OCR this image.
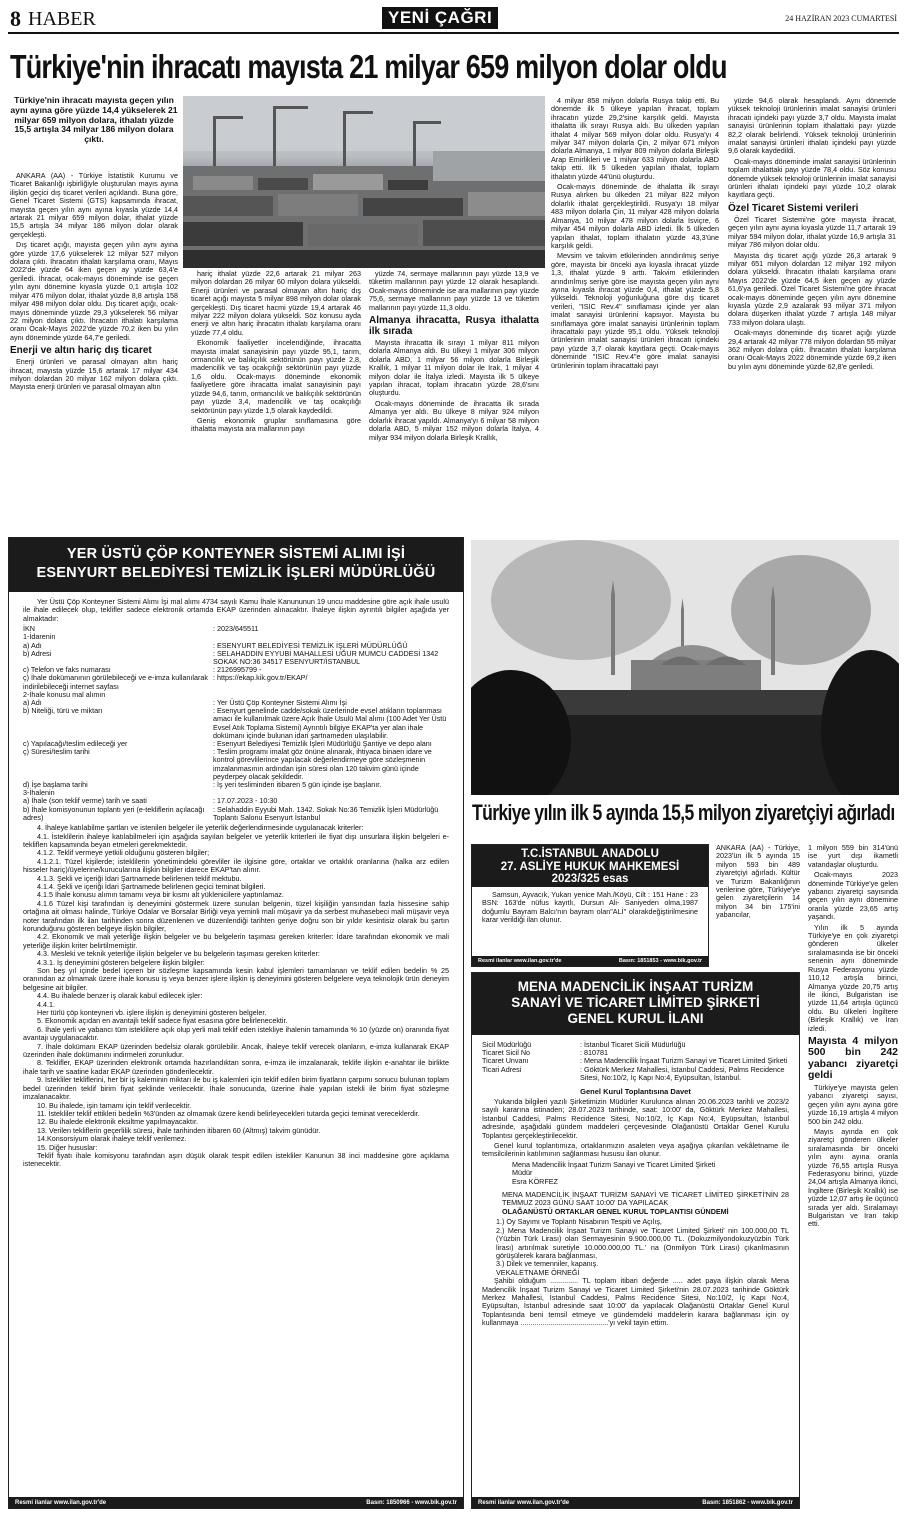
8 HABER	YENİ ÇAĞRI	24 HAZİRAN 2023 CUMARTESİ
Türkiye'nin ihracatı mayısta 21 milyar 659 milyon dolar oldu
Türkiye'nin ihracatı mayısta geçen yılın aynı ayına göre yüzde 14,4 yükselerek 21 milyar 659 milyon dolara, ithalatı yüzde 15,5 artışla 34 milyar 186 milyon dolara çıktı.

ANKARA (AA) - Türkiye İstatistik Kurumu ve Ticaret Bakanlığı işbirliğiyle oluşturulan mayıs ayına ilişkin geçici dış ticaret verileri açıklandı. Buna göre, Genel Ticaret Sistemi (GTS) kapsamında ihracat, mayısta geçen yılın aynı ayına kıyasla yüzde 14,4 artarak 21 milyar 659 milyon dolar, ithalat yüzde 15,5 artışla 34 milyar 186 milyon dolar olarak gerçekleşti.

Dış ticaret açığı, mayısta geçen yılın aynı ayına göre yüzde 17,6 yükselerek 12 milyar 527 milyon dolara çıktı. İhracatın ithalatı karşılama oranı, Mayıs 2022'de yüzde 64 iken geçen ay yüzde 63,4'e geriledi. İhracat, ocak-mayıs döneminde ise geçen yılın aynı dönemine kıyasla yüzde 0,1 artışla 102 milyar 476 milyon dolar, ithalat yüzde 8,8 artışla 158 milyar 498 milyon dolar oldu. Dış ticaret açığı, ocak-mayıs döneminde yüzde 29,3 yükselerek 56 milyar 22 milyon dolara çıktı. İhracatın ithalatı karşılama oranı Ocak-Mayıs 2022'de yüzde 70,2 iken bu yılın aynı döneminde yüzde 64,7'e geriledi.

Enerji ve altın hariç dış ticaret

Enerji ürünleri ve parasal olmayan altın hariç ihracat, mayısta yüzde 15,6 artarak 17 milyar 434 milyon dolardan 20 milyar 162 milyon dolara çıktı. Mayısta enerji ürünleri ve parasal olmayan altın

hariç ithalat yüzde 22,6 artarak 21 milyar 263 milyon dolardan 26 milyar 60 milyon dolara yükseldi. Enerji ürünleri ve parasal olmayan altın hariç dış ticaret açığı mayısta 5 milyar 898 milyon dolar olarak gerçekleşti. Dış ticaret hacmi yüzde 19,4 artarak 46 milyar 222 milyon dolara yükseldi. Söz konusu ayda enerji ve altın hariç ihracatın ithalatı karşılama oranı yüzde 77,4 oldu.

Ekonomik faaliyetler incelendiğinde, ihracatta mayısta imalat sanayisinin payı yüzde 95,1, tarım, ormancılık ve balıkçılık sektörünün payı yüzde 2,8, madencilik ve taş ocakçılığı sektörünün payı yüzde 1,6 oldu. Ocak-mayıs döneminde ekonomik faaliyetlere göre ihracatta imalat sanayisinin payı yüzde 94,6, tarım, ormancılık ve balıkçılık sektörünün payı yüzde 3,4, madencilik ve taş ocakçılığı sektörünün payı yüzde 1,5 olarak kaydedildi.

Geniş ekonomik gruplar sınıflamasına göre ithalatta mayısta ara mallarının payı

yüzde 74, sermaye mallarının payı yüzde 13,9 ve tüketim mallarının payı yüzde 12 olarak hesaplandı. Ocak-mayıs döneminde ise ara mallarının payı yüzde 75,6, sermaye mallarının payı yüzde 13 ve tüketim mallarının payı yüzde 11,3 oldu.

Almanya ihracatta, Rusya ithalatta ilk sırada

Mayısta ihracatta ilk sırayı 1 milyar 811 milyon dolarla Almanya aldı. Bu ülkeyi 1 milyar 306 milyon dolarla ABD, 1 milyar 56 milyon dolarla Birleşik Krallık, 1 milyar 11 milyon dolar ile Irak, 1 milyar 4 milyon dolar ile İtalya izledi. Mayısta ilk 5 ülkeye yapılan ihracat, toplam ihracatın yüzde 28,6'sını oluşturdu.

Ocak-mayıs döneminde de ihracatta ilk sırada Almanya yer aldı. Bu ülkeye 8 milyar 924 milyon dolarlık ihracat yapıldı. Almanya'yı 6 milyar 58 milyon dolarla ABD, 5 milyar 152 milyon dolarla İtalya, 4 milyar 934 milyon dolarla Birleşik Krallık,

4 milyar 858 milyon dolarla Rusya takip etti. Bu dönemde ilk 5 ülkeye yapılan ihracat, toplam ihracatın yüzde 29,2'sine karşılık geldi. Mayısta ithalatta ilk sırayı Rusya aldı. Bu ülkeden yapılan ithalat 4 milyar 569 milyon dolar oldu. Rusya'yı 4 milyar 347 milyon dolarla Çin, 2 milyar 671 milyon dolarla Almanya, 1 milyar 809 milyon dolarla Birleşik Arap Emirlikleri ve 1 milyar 633 milyon dolarla ABD takip etti. İlk 5 ülkeden yapılan ithalat, toplam ithalatın yüzde 44'ünü oluşturdu.

Ocak-mayıs döneminde de ithalatta ilk sırayı Rusya alırken bu ülkeden 21 milyar 822 milyon dolarlık ithalat gerçekleştirildi. Rusya'yı 18 milyar 483 milyon dolarla Çin, 11 milyar 428 milyon dolarla Almanya, 10 milyar 478 milyon dolarla İsviçre, 6 milyar 454 milyon dolarla ABD izledi. İlk 5 ülkeden yapılan ithalat, toplam ithalatın yüzde 43,3'üne karşılık geldi.

Mevsim ve takvim etkilerinden arındırılmış seriye göre, mayısta bir önceki aya kıyasla ihracat yüzde 1,3, ithalat yüzde 9 arttı. Takvim etkilerinden arındırılmış seriye göre ise mayısta geçen yılın aynı ayına kıyasla ihracat yüzde 0,4, ithalat yüzde 5,8 yükseldi. Teknoloji yoğunluğuna göre dış ticaret verileri, "ISIC Rev.4" sınıflaması içinde yer alan imalat sanayisi ürünlerini kapsıyor. Mayısta bu sınıflamaya göre imalat sanayisi ürünlerinin toplam ihracattaki payı yüzde 95,1 oldu. Yüksek teknoloji ürünlerinin imalat sanayisi ürünleri ihracatı içindeki payı yüzde 3,7 olarak kayıtlara geçti. Ocak-mayıs döneminde "ISIC Rev.4"e göre imalat sanayisi ürünlerinin toplam ihracattaki payı

yüzde 94,6 olarak hesaplandı. Aynı dönemde yüksek teknoloji ürünlerinin imalat sanayisi ürünleri ihracatı içindeki payı yüzde 3,7 oldu. Mayısta imalat sanayisi ürünlerinin toplam ithalattaki payı yüzde 82,2 olarak belirlendi. Yüksek teknoloji ürünlerinin imalat sanayisi ürünleri ithalatı içindeki payı yüzde 9,6 olarak kaydedildi.

Ocak-mayıs döneminde imalat sanayisi ürünlerinin toplam ithalattaki payı yüzde 78,4 oldu. Söz konusu dönemde yüksek teknoloji ürünlerinin imalat sanayisi ürünleri ithalatı içindeki payı yüzde 10,2 olarak kayıtlara geçti.

Özel Ticaret Sistemi verileri

Özel Ticaret Sistemi'ne göre mayısta ihracat, geçen yılın aynı ayına kıyasla yüzde 11,7 artarak 19 milyar 594 milyon dolar, ithalat yüzde 16,9 artışla 31 milyar 786 milyon dolar oldu.

Mayısta dış ticaret açığı yüzde 26,3 artarak 9 milyar 651 milyon dolardan 12 milyar 192 milyon dolara yükseldi. İhracatın ithalatı karşılama oranı Mayıs 2022'de yüzde 64,5 iken geçen ay yüzde 61,6'ya geriledi. Özel Ticaret Sistemi'ne göre ihracat ocak-mayıs döneminde geçen yılın aynı dönemine kıyasla yüzde 2,9 azalarak 93 milyar 371 milyon dolara düşerken ithalat yüzde 7 artışla 148 milyar 733 milyon dolara ulaştı.

Ocak-mayıs döneminde dış ticaret açığı yüzde 29,4 artarak 42 milyar 778 milyon dolardan 55 milyar 362 milyon dolara çıktı. İhracatın ithalatı karşılama oranı Ocak-Mayıs 2022 döneminde yüzde 69,2 iken bu yılın aynı döneminde yüzde 62,8'e geriledi.

YER ÜSTÜ ÇÖP KONTEYNER SİSTEMİ ALIMI İŞİ
ESENYURT BELEDİYESİ TEMİZLİK İŞLERİ MÜDÜRLÜĞÜ
Yer Üstü Çöp Konteyner Sistemi Alımı İşi mal alımı 4734 sayılı Kamu İhale Kanununun 19 uncu maddesine göre açık ihale usulü ile ihale edilecek olup, teklifler sadece elektronik ortamda EKAP üzerinden alınacaktır. İhaleye ilişkin ayrıntılı bilgiler aşağıda yer almaktadır:
İKN	: 2023/645511
1-İdarenin	
a) Adı	: ESENYURT BELEDİYESİ TEMİZLİK İŞLERİ MÜDÜRLÜĞÜ
b) Adresi	: SELAHADDİN EYYUBİ MAHALLESİ UĞUR MUMCU CADDESİ 1342 SOKAK NO:36 34517 ESENYURT/İSTANBUL
c) Telefon ve faks numarası	: 2126995799 -
ç) İhale dokümanının görülebileceği ve e-imza kullanılarak indirilebileceği internet sayfası	: https://ekap.kik.gov.tr/EKAP/
2-İhale konusu mal alımın	
a) Adı	: Yer Üstü Çöp Konteyner Sistemi Alımı İşi
b) Niteliği, türü ve miktarı	: Esenyurt genelinde cadde/sokak üzerlerinde evsel atıkların toplanması amacı ile kullanılmak üzere Açık İhale Usulü Mal alımı (100 Adet Yer Üstü Evsel Atık Toplama Sistemi) Ayrıntılı bilgiye EKAP'ta yer alan ihale dokümanı içinde bulunan idari şartnameden ulaşılabilir.
c) Yapılacağı/teslim edileceği yer	: Esenyurt Belediyesi Temizlik İşleri Müdürlüğü Şantiye ve depo alanı
ç) Süresi/teslim tarihi	: Teslim programı imalat göz önüne alınarak, ihtiyaca binaen idare ve kontrol görevlilerince yapılacak değerlendirmeye göre sözleşmenin imzalanmasının ardından işin süresi olan 120 takvim günü içinde peyderpey olacak şekildedir.
d) İşe başlama tarihi	: İş yeri tesliminden itibaren 5 gün içinde işe başlanır.
3-İhalenin	
a) İhale (son teklif verme) tarih ve saati	: 17.07.2023 - 10:30
b) İhale komisyonunun toplantı yeri (e-tekliflerin açılacağı adres)	: Selahaddin Eyyubi Mah. 1342. Sokak No:36 Temizlik İşleri Müdürlüğü Toplantı Salonu Esenyurt İstanbul
4. İhaleye katılabilme şartları ve istenilen belgeler ile yeterlik değerlendirmesinde uygulanacak kriterler:
4.1. İsteklilerin ihaleye katılabilmeleri için aşağıda sayılan belgeler ve yeterlik kriterleri ile fiyat dışı unsurlara ilişkin belgeleri e-tekliflerı kapsamında beyan etmeleri gerekmektedir.
4.1.2. Teklif vermeye yetkili olduğunu gösteren bilgiler;
4.1.2.1. Tüzel kişilerde; isteklilerin yönetimindeki görevliler ile ilgisine göre, ortaklar ve ortaklık oranlarına (halka arz edilen hisseler hariç)/üyelerine/kurucularına ilişkin bilgiler idarece EKAP'tan alınır.
4.1.3. Şekli ve içeriği İdari Şartnamede belirlenen teklif mektubu.
4.1.4. Şekli ve içeriği İdari Şartnamede belirlenen geçici teminat bilgileri.
4.1.5 İhale konusu alımın tamamı veya bir kısmı alt yüklenicilere yaptırılamaz.
4.1.6 Tüzel kişi tarafından iş deneyimini göstermek üzere sunulan belgenin, tüzel kişiliğin yarısından fazla hissesine sahip ortağına ait olması halinde, Türkiye Odalar ve Borsalar Birliği veya yeminli mali müşavir ya da serbest muhasebeci mali müşavir veya noter tarafından ilk ilan tarihinden sonra düzenlenen ve düzenlendiği tarihten geriye doğru son bir yıldır kesintisiz olarak bu şartın korunduğunu gösteren belgeye ilişkin bilgiler,
4.2. Ekonomik ve mali yeterliğe ilişkin belgeler ve bu belgelerin taşıması gereken kriterler: İdare tarafından ekonomik ve mali yeterliğe ilişkin kriter belirtilmemiştir.
4.3. Mesleki ve teknik yeterliğe ilişkin belgeler ve bu belgelerin taşıması gereken kriterler:
4.3.1. İş deneyimini gösteren belgelere ilişkin bilgiler:
Son beş yıl içinde bedel içeren bir sözleşme kapsamında kesin kabul işlemleri tamamlanan ve teklif edilen bedelin % 25 oranından az olmamak üzere ihale konusu iş veya benzer işlere ilişkin iş deneyimini gösteren belgelere veya teknolojik ürün deneyim belgesine ait bilgiler.
4.4. Bu ihalede benzer iş olarak kabul edilecek işler:
4.4.1.
Her türlü çöp konteyneri vb. işlere ilişkin iş deneyimini gösteren belgeler.
5. Ekonomik açıdan en avantajlı teklif sadece fiyat esasına göre belirlenecektir.
6. İhale yerli ve yabancı tüm isteklilere açık olup yerli mali teklif eden istekliye ihalenin tamamında % 10 (yüzde on) oranında fiyat avantajı uygulanacaktır.
7. İhale dokümanı EKAP üzerinden bedelsiz olarak görülebilir. Ancak, ihaleye teklif verecek olanların, e-imza kullanarak EKAP üzerinden ihale dokümanını indirmeleri zorunludur.
8. Teklifler, EKAP üzerinden elektronik ortamda hazırlandıktan sonra, e-imza ile imzalanarak, teklife ilişkin e-anahtar ile birlikte ihale tarih ve saatine kadar EKAP üzerinden gönderilecektir.
9. İstekliler tekliflerini, her bir iş kaleminin miktarı ile bu iş kalemleri için teklif edilen birim fiyatların çarpımı sonucu bulunan toplam bedel üzerinden teklif birim fiyat şeklinde verilecektir. İhale sonucunda, üzerine ihale yapılan istekli ile birim fiyat sözleşme imzalanacaktır.
10. Bu ihalede, işin tamamı için teklif verilecektir.
11. İstekliler teklif ettikleri bedelin %3'ünden az olmamak üzere kendi belirleyecekleri tutarda geçici teminat vereceklerdir.
12. Bu ihalede elektronik eksiltme yapılmayacaktır.
13. Verilen tekliflerin geçerlilik süresi, ihale tarihinden itibaren 60 (Altmış) takvim günüdür.
14.Konsorsiyum olarak ihaleye teklif verilemez.
15. Diğer hususlar:
Teklif fiyatı ihale komisyonu tarafından aşırı düşük olarak tespit edilen istekliler Kanunun 38 inci maddesine göre açıklama istenecektir.
Resmi ilanlar www.ilan.gov.tr'de	Basın: 1850966 - www.bik.gov.tr
Türkiye yılın ilk 5 ayında 15,5 milyon ziyaretçiyi ağırladı
T.C.İSTANBUL ANADOLU
27. ASLİYE HUKUK MAHKEMESİ
2023/325 esas
Samsun, Ayvacık, Yukarı yenice Mah./Köyü, Cilt : 151 Hane : 23 BSN: 163'de nüfus kayıtlı, Dursun Ali- Saniyeden olma,1987 doğumlu Bayram Balcı'nın bayram olan"ALİ" olarakdeğiştirilmesine karar verildiği ilan olunur.
Resmi ilanlar www.ilan.gov.tr'de	Basın: 1851853 - www.bik.gov.tr

ANKARA (AA) - Türkiye, 2023'ün ilk 5 ayında 15 milyon 593 bin 489 ziyaretçiyi ağırladı. Kültür ve Turizm Bakanlığının verilerine göre, Türkiye'ye gelen ziyaretçilerin 14 milyon 34 bin 175'ini yabancılar,

1 milyon 559 bin 314'ünü ise yurt dışı ikametli vatandaşlar oluşturdu.

Ocak-mayıs 2023 döneminde Türkiye'ye gelen yabancı ziyaretçi sayısında geçen yılın aynı dönemine oranla yüzde 23,65 artış yaşandı.

Yılın ilk 5 ayında Türkiye'ye en çok ziyaretçi gönderen ülkeler sıralamasında ise bir önceki senenin aynı döneminde Rusya Federasyonu yüzde 110,12 artışla birinci, Almanya yüzde 20,75 artış ile ikinci, Bulgaristan ise yüzde 11,64 artışla üçüncü oldu. Bu ülkeleri İngiltere (Birleşik Krallık) ve İran izledi.

Mayısta 4 milyon 500 bin 242 yabancı ziyaretçi geldi

Türkiye'ye mayısta gelen yabancı ziyaretçi sayısı, geçen yılın aynı ayına göre yüzde 16,19 artışla 4 milyon 500 bin 242 oldu.

Mayıs ayında en çok ziyaretçi gönderen ülkeler sıralamasında bir önceki yılın aynı ayına oranla yüzde 76,55 artışla Rusya Federasyonu birinci, yüzde 24,04 artışla Almanya ikinci, İngiltere (Birleşik Krallık) ise yüzde 12,07 artış ile üçüncü sırada yer aldı. Sıralamayı Bulgaristan ve İran takip etti.

MENA MADENCİLİK İNŞAAT TURİZM
SANAYİ VE TİCARET LİMİTED ŞİRKETİ
GENEL KURUL İLANI
Sicil Müdürlüğü	: İstanbul Ticaret Sicili Müdürlüğü
Ticaret Sicil No	: 810781
Ticaret Unvanı	: Mena Madencilik İnşaat Turizm Sanayi ve Ticaret Limited Şirketi
Ticari Adresi	: Göktürk Merkez Mahallesi, İstanbul Caddesi, Palms Recidence Sitesi, No:10/2, İç Kapı No:4, Eyüpsultan, İstanbul.
Genel Kurul Toplantısına Davet
Yukarıda bilgileri yazılı Şirketimizin Müdürler Kurulunca alınan 20.06.2023 tarihli ve 2023/2 sayılı kararına istinaden; 28.07.2023 tarihinde, saat: 10:00' da, Göktürk Merkez Mahallesi, İstanbul Caddesi, Palms Recidence Sitesi, No:10/2, İç Kapı No:4, Eyüpsultan, İstanbul adresinde, aşağıdaki gündem maddeleri çerçevesinde Olağanüstü Ortaklar Genel Kurulu Toplantısı gerçekleştirilecektir.
Genel kurul toplantımıza, ortaklarımızın asaleten veya aşağıya çıkarılan vekâletname ile temsilcilerinin katılımının sağlanması hususu ilan olunur.
Mena Madencilik İnşaat Turizm Sanayi ve Ticaret Limited Şirketi
Müdür
Esra KÖRFEZ
MENA MADENCİLİK İNŞAAT TURİZM SANAYİ VE TİCARET LİMİTED ŞİRKETİ'NİN 28 TEMMUZ 2023 GÜNÜ SAAT 10:00' DA YAPILACAK
OLAĞANÜSTÜ ORTAKLAR GENEL KURUL TOPLANTISI GÜNDEMİ
1.) Oy Sayımı ve Toplantı Nisabının Tespiti ve Açılış,
2.) Mena Madencilik İnşaat Turizm Sanayi ve Ticaret Limited Şirketi' nin 100.000,00 TL (Yüzbin Türk Lirası) olan Sermayesinin 9.900.000,00 TL. (Dokuzmilyondokuzyüzbin Türk lirası) artırılmak suretiyle 10.000.000,00 TL.' na (Onmilyon Türk Lirası) çıkarılmasının görüşülerek karara bağlanması,
3.) Dilek ve temenniler, kapanış.
VEKALETNAME ÖRNEĞİ
Şahibi olduğum .............. TL toplam itibari değerde ..... adet paya ilişkin olarak Mena Madencilik İnşaat Turizm Sanayi ve Ticaret Limited Şirketi'nin 28.07.2023 tarihinde Göktürk Merkez Mahallesi, İstanbul Caddesi, Palms Recidence Sitesi, No:10/2, İç Kapı No:4, Eyüpsultan, İstanbul adresinde saat 10:00' da yapılacak Olağanüstü Ortaklar Genel Kurul Toplantısında beni temsil etmeye ve gündemdeki maddelerin karara bağlanması için oy kullanmaya ............................................'yı vekil tayin ettim.
Resmi ilanlar www.ilan.gov.tr'de	Basın: 1851862 - www.bik.gov.tr
